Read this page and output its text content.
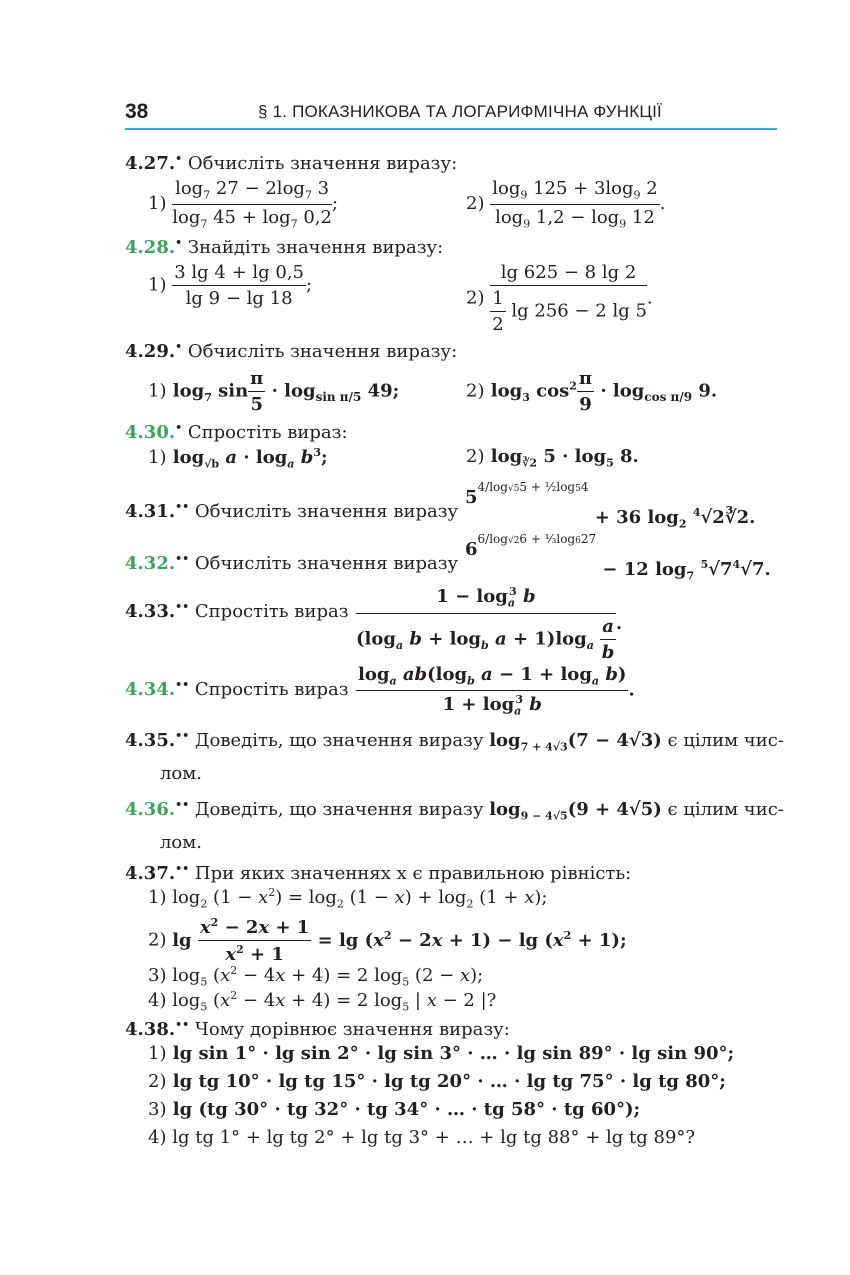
38	§ 1. ПОКАЗНИКОВА ТА ЛОГАРИФМІЧНА ФУНКЦІЇ
4.27.• Обчисліть значення виразу:
$1) \frac{\log_7 27 - 2\log_7 3}{\log_7 45 + \log_7 0,2}$ ;	$2) \frac{\log_9 125 + 3\log_9 2}{\log_9 1,2 - \log_9 12}$ .
4.28.• Знайдіть значення виразу:
$1) \frac{3 \lg 4 + \lg 0,5}{\lg 9 - \lg 18}$ ;
$2) \frac{\lg 625 - 8 \lg 2}{\frac{1}{2} \lg 256 - 2 \lg 5}$ .
4.29.• Обчисліть значення виразу:
1) $\log_7 \sin \frac{\pi}{5} \cdot \log_{sin \pi/5} 49$;	2) $\log_3 \cos^2 \frac{\pi}{9} \cdot \log_{cos \pi/9} 9$.
4.30.• Спростіть вираз:
1) $\log_{√b} a \cdot \log_a b^3$;	2) $\log_{∛2} 5 \cdot \log_5 8$.
4.31.•• Обчисліть значення виразу
$5^{4/log√55 + \frac{1}{2}log54} + 36$ $\log_2$ $^4$√2∛2.
4.32.•• Обчисліть значення виразу
$6^{6/log√26 + \frac{1}{3}log627} - 12$ $\log_7 ^5√7^4√7$.
4.33.•• Спростіть вираз $\frac{1 - \log_a^3 b}{(\log_a b + \log_b a + 1)\log_a \frac{a}{b}}$ .
4.34.•• Спростіть вираз $\frac{\log_a ab(\log_b a - 1 + \log_a b)}{1 + \log_a^3 b}$ .
4.35.•• Доведіть, що значення виразу $\log_{7 + 4√3}(7 - 4√3)$ є цілим чис-
лом.
4.36.•• Доведіть, що значення виразу $\log_{9 - 4√5}(9 + 4√5)$ є цілим чис-
лом.
4.37.•• При яких значеннях x є правильною рівність:
1) $\log_2 (1 - x^2) = \log_2 (1 - x) + \log_2 (1 + x)$;
2) $\lg \frac{x^2 - 2x + 1}{x^2 + 1} = \lg (x^2 - 2x + 1) - \lg (x^2 + 1)$;
3) $\log_5 (x^2 - 4x + 4) = 2$ $\log_5 (2 - x)$;
4) $\log_5 (x^2 - 4x + 4) = 2$ $\log_5$ | x − 2 |?
4.38.•• Чому дорівнює значення виразу:
1) lg sin 1° · lg sin 2° · lg sin 3° · … · lg sin 89° · lg sin 90°;
2) lg tg 10° · lg tg 15° · lg tg 20° · … · lg tg 75° · lg tg 80°;
3) lg (tg 30° · tg 32° · tg 34° · … · tg 58° · tg 60°);
4) lg tg 1° + lg tg 2° + lg tg 3° + … + lg tg 88° + lg tg 89°?
